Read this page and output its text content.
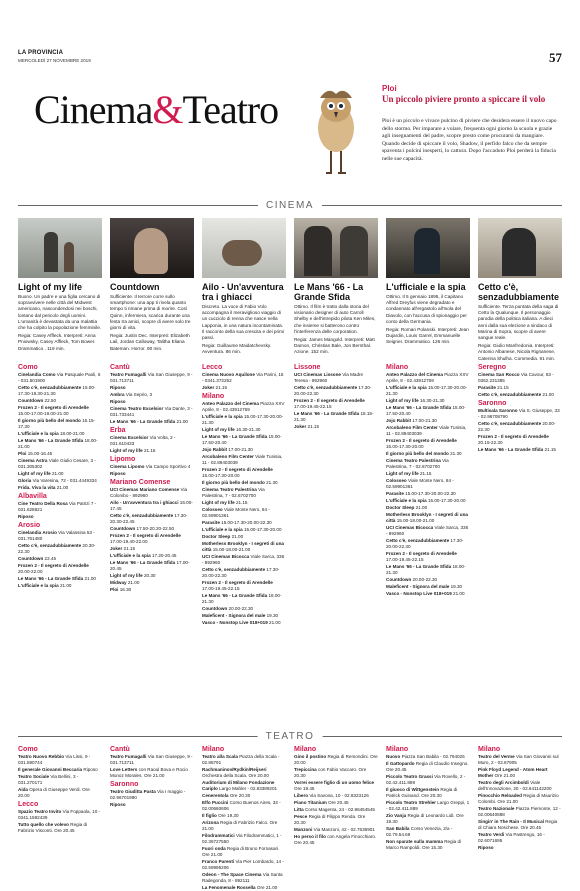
LA PROVINCIA
MERCOLEDÌ 27 NOVEMBRE 2019	57
Cinema&Teatro	Ploi
Un piccolo piviere pronto a spiccare il volo
Ploi è un piccolo e vivace pulcino di piviere che desidera essere il nuovo capo dello stormo. Per imparare a volare, frequenta ogni giorno la scuola e grazie agli insegnamenti del padre, scopre presto come procurarsi da mangiare. Quando decide di spiccare il volo, Shadow, il perfido falco che da sempre spaventa i pulcini inesperti, lo cattura. Dopo l'accaduto Ploi perderà la fiducia nelle sue capacità.
CINEMA
Light of my life
Buono. Un padre e una figlia cercano di sopravvivere nelle città del Midwest americano, nascondendosi nei boschi, lontano dal pericolo degli uomini. L'umanità è devastata da una malattia che ha colpito la popolazione femminile.
Regia: Casey Affleck. Interpreti: Anna Pniowsky, Casey Affleck, Tom Bower. Drammatico . 119 min.
Countdown
Sufficiente. Il terrore corre sullo smartphone: una app ti rivela quanto tempo ti rimane prima di morire. Così Quinn, infermiera, scarica durante una festa tra amici, scopre di avere solo tre giorni di vita.
Regia: Justin Dec. Interpreti: Elizabeth Lail, Jordan Calloway, Talitha Eliana Bateman. Horror. 90 min.
Ailo - Un'avventura tra i ghiacci
Discreto. La voce di Fabio Volo accompagna il meraviglioso viaggio di un cucciolo di renna che nasce nella Lapponia, in una natura incontaminata. Il racconto della sua crescita e dei primi passi.
Regia: Guillaume Maidatchevsky. Avventura. 86 min.
Le Mans '66 - La Grande Sfida
Ottimo. Il film è tratto dalla storia del visionario designer di auto Carroll Shelby e dell'intrepido pilota Ken Miles, che insieme si batterono contro l'interferenza delle corporation.
Regia: James Mangold. Interpreti: Matt Damon, Christian Bale, Jon Bernthal. Azione. 152 min.
L'ufficiale e la spia
Ottimo. Il 5 gennaio 1895, il Capitano Alfred Dreyfus viene degradato e condannato all'ergastolo all'Isola del Diavolo, con l'accusa di spionaggio per conto della Germania.
Regia: Roman Polanski. Interpreti: Jean Dujardin, Louis Garrel, Emmanuelle Seigner. Drammatico. 126 min.
Cetto c'è, senzadubbiamente
Sufficiente. Terza puntata della saga di Cetto la Qualunque. Il personaggio parodia della politica italiana. A dieci anni dalla sua elezione a sindaco di Marina di Sopra, scopre di avere sangue reale.
Regia: Giulio Manfredonia. Interpreti: Antonio Albanese, Nicola Rignanese, Caterina Shulha. Commedia. 91 min.
Como
Cinelandia Como Via Pasquale Paoli, 6 - 031.501900
Cetto c'è, senzadubbiamente 15.00-17.30-19.30-21.30
Countdown 22.50
Frozen 2 - Il segreto di Arendelle 15.00-17.00-19.00-21.00
Il giorno più bello del mondo 15.15-17.30
L'ufficiale e la spia 18.00-21.00
Le Mans '66 - La Grande Sfida 18.00-21.00
Ploi 15.00-16.45
Cinema Astra Viale Giulio Cesare, 3 - 031.305302
Light of my life 21.00
Gloria Via Varesina, 72 - 031.4449334
Frida. Viva la vita 21.00
Albavilla
Cine Teatro Della Rosa Via Patrizi 7 - 031.628821
Riposo
Arosio
Cinelandia Arosio Via Valassina 53 - 031.761480
Cetto c'è, senzadubbiamente 20.30-22.30
Countdown 22.45
Frozen 2 - Il segreto di Arendelle 20.00-22.00
Le Mans '66 - La Grande Sfida 21.00
L'ufficiale e la spia 21.00
Cantù
Teatro Fumagalli Via San Giuseppe, 9 - 031.713711
Riposo
Ambra Via Seprio, 3
Riposo
Cinema Teatro Excelsior Via Dante, 3 - 031.733441
Le Mans '66 - La Grande Sfida 21.00
Erba
Cinema Excelsior Via Volta, 2 - 031.610433
Light of my life 21.15
Lipomo
Cinema Lipomo Via Campo Sportivo 4
Riposo
Mariano Comense
UCI Cinemas Mariano Comense Via Colombo - 892960
Ailo - Un'avventura tra i ghiacci 16.00-17.45
Cetto c'è, senzadubbiamente 17.30-20.30-22.45
Countdown 17.50-20.20-22.50
Frozen 2 - Il segreto di Arendelle 17.00-19.40-22.00
Joker 21.15
L'ufficiale e la spia 17.20-20.45
Le Mans '66 - La Grande Sfida 17.00-20.45
Light of my life 20.30
Midway 21.00
Ploi 16.30
Lecco
Cinema Nuovo Aquilone Via Parini, 16 - 0341.372252
Joker 21.15
Milano
Anteo Palazzo del Cinema Piazza XXV Aprile, 8 - 02.43912769
L'ufficiale e la spia 15.00-17.30-20.00-21.30
Light of my life 16.30-21.30
Le Mans '66 - La Grande Sfida 15.00-17.50-20.40
Jojo Rabbit 17.00-21.30
Arcobaleno Film Center Viale Tunisia, 11 - 02.89403039
Frozen 2 - Il segreto di Arendelle 15.00-17.30-20.00
Il giorno più bello del mondo 21.30
Cinema Teatro Palestrina Via Palestrina, 7 - 02.6702700
Light of my life 21.15
Colosseo Viale Monte Nero, 84 - 02.59901361
Parasite 15.00-17.30-20.00-22.30
L'ufficiale e la spia 15.00-17.30-20.00
Doctor Sleep 21.00
Motherless Brooklyn - I segreti di una città 15.00-18.00-21.00
UCI Cinemas Bicocca Viale Sarca, 336 - 892960
Cetto c'è, senzadubbiamente 17.30-20.00-22.30
Frozen 2 - Il segreto di Arendelle 17.00-19.45-22.15
Le Mans '66 - La Grande Sfida 18.00-21.30
Countdown 20.00-22.30
Maleficent - Signora del male 19.30
Vasco - Nonstop Live 018+019 21.00
Lissone
UCI Cinemas Lissone Via Madre Teresa - 892960
Cetto c'è, senzadubbiamente 17.30-20.00-22.30
Frozen 2 - Il segreto di Arendelle 17.00-19.45-22.15
Le Mans '66 - La Grande Sfida 18.15-21.30
Joker 21.15
Milano
Anteo Palazzo del Cinema Piazza XXV Aprile, 8 - 02.43912769
L'ufficiale e la spia 15.00-17.30-20.00-21.30
Light of my life 16.30-21.30
Le Mans '66 - La Grande Sfida 15.00-17.50-20.40
Jojo Rabbit 17.00-21.30
Arcobaleno Film Center Viale Tunisia, 11 - 02.89403039
Frozen 2 - Il segreto di Arendelle 15.00-17.30-20.00
Il giorno più bello del mondo 21.30
Cinema Teatro Palestrina Via Palestrina, 7 - 02.6702700
Light of my life 21.15
Colosseo Viale Monte Nero, 84 - 02.59901361
Parasite 15.00-17.30-20.00-22.30
L'ufficiale e la spia 15.00-17.30-20.00
Doctor Sleep 21.00
Motherless Brooklyn - I segreti di una città 15.00-18.00-21.00
UCI Cinemas Bicocca Viale Sarca, 336 - 892960
Cetto c'è, senzadubbiamente 17.30-20.00-22.30
Frozen 2 - Il segreto di Arendelle 17.00-19.45-22.15
Le Mans '66 - La Grande Sfida 18.00-21.30
Countdown 20.00-22.30
Maleficent - Signora del male 19.30
Vasco - Nonstop Live 018+019 21.00
Seregno
Cinema San Rocco Via Cavour, 83 - 0362.231385
Parasite 21.15
Cetto c'è, senzadubbiamente 21.00
Saronno
Multisala Saronno Via S. Giuseppe, 33 - 02.96708790
Cetto c'è, senzadubbiamente 20.00-22.30
Frozen 2 - Il segreto di Arendelle 20.15-22.30
Le Mans '66 - La Grande Sfida 21.15
TEATRO
Como
Teatro Nuovo Rebbio Via Lissi, 9 - 031.590744
Il generale Giovanni Beccaria Riposo
Teatro Sociale Via Bellini, 3 - 031.270171
Aida Opera di Giuseppe Verdi. Ore 20.00
Lecco
Spazio Teatro Invito Via Foppaola, 10 - 0341.1582439
Tutto quello che volevo Regia di Fabrizio Visconti. Ore 20.45
Cantù
Teatro Fumagalli Via San Giuseppe, 9 - 031.713711
Love Letters con Raoul Bova e Rocio Munoz Morales. Ore 21.00
Saronno
Teatro Giuditta Pasta Via I maggio - 02.96701990
Riposo
Milano
Teatro alla Scala Piazza della Scala - 02.88791
Rachmaninov/Rydkin/Reijseri Orchestra della Scala. Ore 20.00
Auditorium di Milano Fondazione Cariplo Largo Mahler - 02.83389201
Cenerentola Ore 20.30
Elfo Puccini Corso Buenos Aires, 33 - 02.00660606
Il figlio Ore 19.30
Arizona Regia di Fabrizio Falco. Ore 21.00
Filodrammatici Via Filodrammatici, 1 - 02.36727550
Fuori onda Regia di Bruno Fornasari. Ore 21.00
Franco Parenti Via Pier Lombardo, 14 - 02.59995206
Odeon - The Space Cinema Via Santa Radegonda, 8 - 892111
La Fenomenale Rossella Ore 21.00
Milano
Gino il postino Regia di Remondini. Ore 20.00
Trepiccina con Fabio Vaccaro. Ore 20.30
Vorrei essere figlio di un uomo felice Ore 19.45
Libero Via Savona, 10 - 02.8323126
Piano Titanium Ore 20.45
Litta Corso Magenta, 24 - 02.86454545
Pesce Regia di Filippo Renda. Ore 20.30
Manzoni Via Manzoni, 42 - 02.7636901
Ho perso il filo con Angela Finocchiaro. Ore 20.45
Milano
Nuovo Piazza San Babila - 02.794026
Il Gattopardo Regia di Claudio Insegno. Ore 20.45
Piccolo Teatro Grassi Via Rovello, 2 - 02.42.411.889
Il giuoco di Wittgenstein Regia di Patrick Guinand. Ore 20.30
Piccolo Teatro Strehler Largo Greppi, 1 - 02.42.411.889
Zio Vanja Regia di Leonardo Lidi. Ore 19.30
San Babila Corso Venezia, 2/a - 02.79.54.69
Non sparate sulla mamma Regia di Marco Rampoldi. Ore 15.30
Milano
Teatro del Verme Via San Giovanni sul Muro, 2 - 02.87905
Pink Floyd Legend - Atom Heart Mother Ore 21.00
Teatro degli Arcimboldi Viale dell'Innovazione, 20 - 02.641142200
Pinocchio Reloaded Regia di Maurizio Colombi. Ore 21.00
Teatro Nazionale Piazza Piemonte, 12 - 02.00640888
Singin' in The Rain - Il Musical Regia di Chiara Noschese. Ore 20.45
Teatro Verdi Via Pastrengo, 16 - 02.6071695
Riposo
